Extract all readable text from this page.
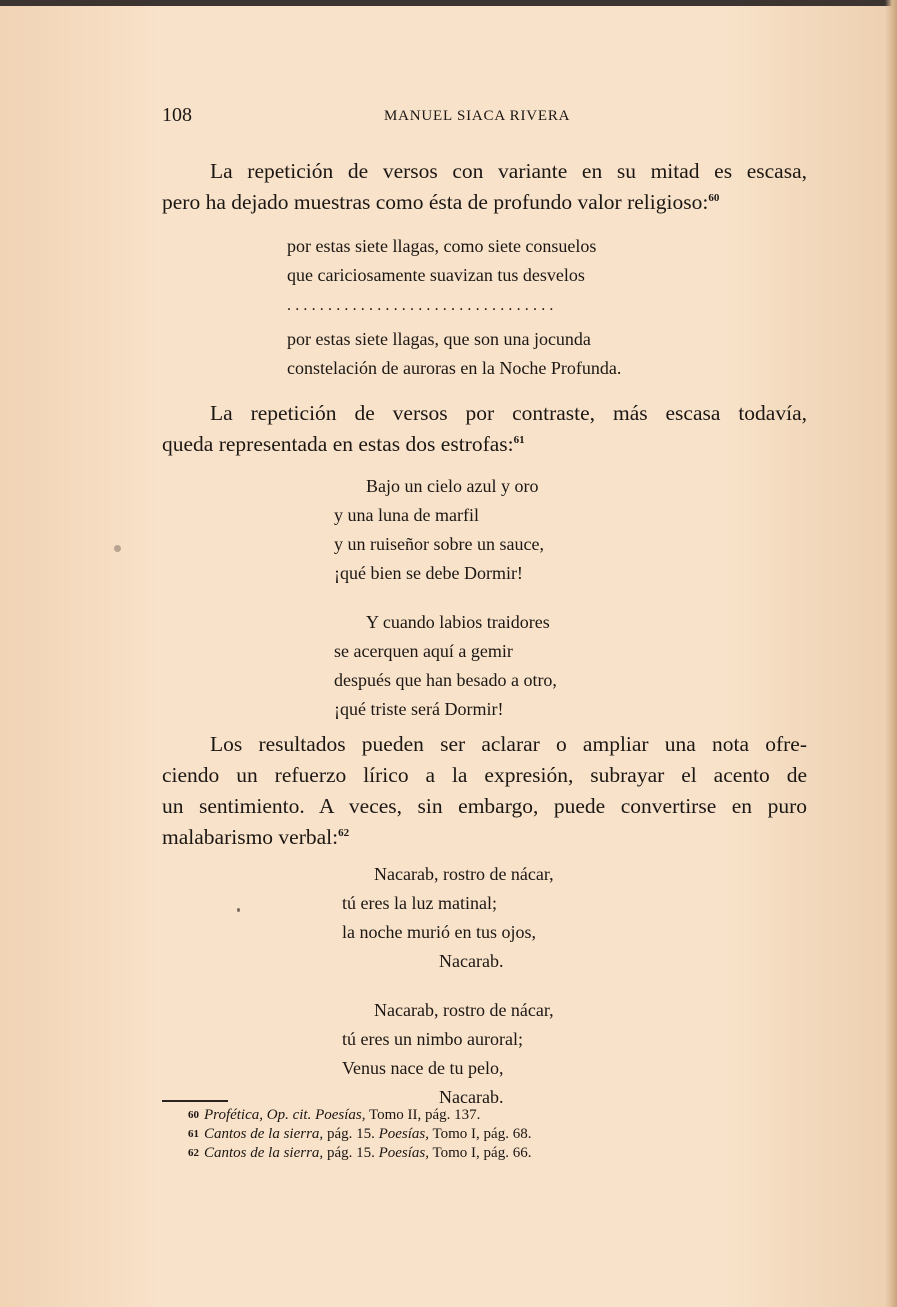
108	MANUEL SIACA RIVERA

La repetición de versos con variante en su mitad es escasa,
pero ha dejado muestras como ésta de profundo valor religioso:$^{60}$

por estas siete llagas, como siete consuelos
que cariciosamente suavizan tus desvelos
.................................
por estas siete llagas, que son una jocunda
constelación de auroras en la Noche Profunda.

La repetición de versos por contraste, más escasa todavía,
queda representada en estas dos estrofas:$^{61}$

Bajo un cielo azul y oro
y una luna de marfil
y un ruiseñor sobre un sauce,
¡qué bien se debe Dormir!
Y cuando labios traidores
se acerquen aquí a gemir
después que han besado a otro,
¡qué triste será Dormir!

Los resultados pueden ser aclarar o ampliar una nota ofre-
ciendo un refuerzo lírico a la expresión, subrayar el acento de
un sentimiento. A veces, sin embargo, puede convertirse en puro
malabarismo verbal:$^{62}$

Nacarab, rostro de nácar,
tú eres la luz matinal;
la noche murió en tus ojos,
Nacarab.
Nacarab, rostro de nácar,
tú eres un nimbo auroral;
Venus nace de tu pelo,
Nacarab.
$^{60}$ Profética, Op. cit. Poesías, Tomo II, pág. 137.
$^{61}$ Cantos de la sierra, pág. 15. Poesías, Tomo I, pág. 68.
$^{62}$ Cantos de la sierra, pág. 15. Poesías, Tomo I, pág. 66.
